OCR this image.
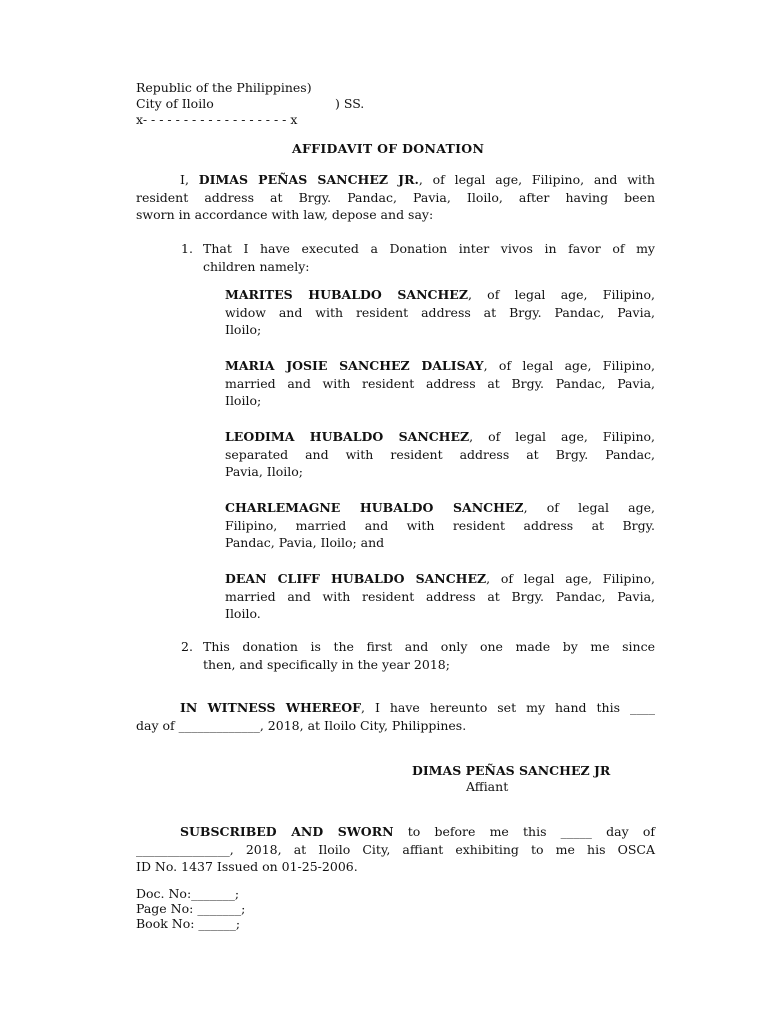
Republic of the Philippines)
City of Iloilo	) SS.
x- - - - - - - - - - - - - - - - - - x
AFFIDAVIT OF DONATION
I, DIMAS PEÑAS SANCHEZ JR., of legal age, Filipino, and with
resident address at Brgy. Pandac, Pavia, Iloilo, after having been
sworn in accordance with law, depose and say:
1. That I have executed a Donation inter vivos in favor of my
children namely:
MARITES HUBALDO SANCHEZ, of legal age, Filipino,
widow and with resident address at Brgy. Pandac, Pavia,
Iloilo;
MARIA JOSIE SANCHEZ DALISAY, of legal age, Filipino,
married and with resident address at Brgy. Pandac, Pavia,
Iloilo;
LEODIMA HUBALDO SANCHEZ, of legal age, Filipino,
separated and with resident address at Brgy. Pandac,
Pavia, Iloilo;
CHARLEMAGNE HUBALDO SANCHEZ, of legal age,
Filipino, married and with resident address at Brgy.
Pandac, Pavia, Iloilo; and
DEAN CLIFF HUBALDO SANCHEZ, of legal age, Filipino,
married and with resident address at Brgy. Pandac, Pavia,
Iloilo.
2. This donation is the first and only one made by me since
then, and specifically in the year 2018;
IN WITNESS WHEREOF, I have hereunto set my hand this ____
day of _____________, 2018, at Iloilo City, Philippines.
DIMAS PEÑAS SANCHEZ JR
Affiant
SUBSCRIBED AND SWORN to before me this _____ day of
_______________, 2018, at Iloilo City, affiant exhibiting to me his OSCA
ID No. 1437 Issued on 01-25-2006.
Doc. No:_______;
Page No: _______;
Book No: ______;
